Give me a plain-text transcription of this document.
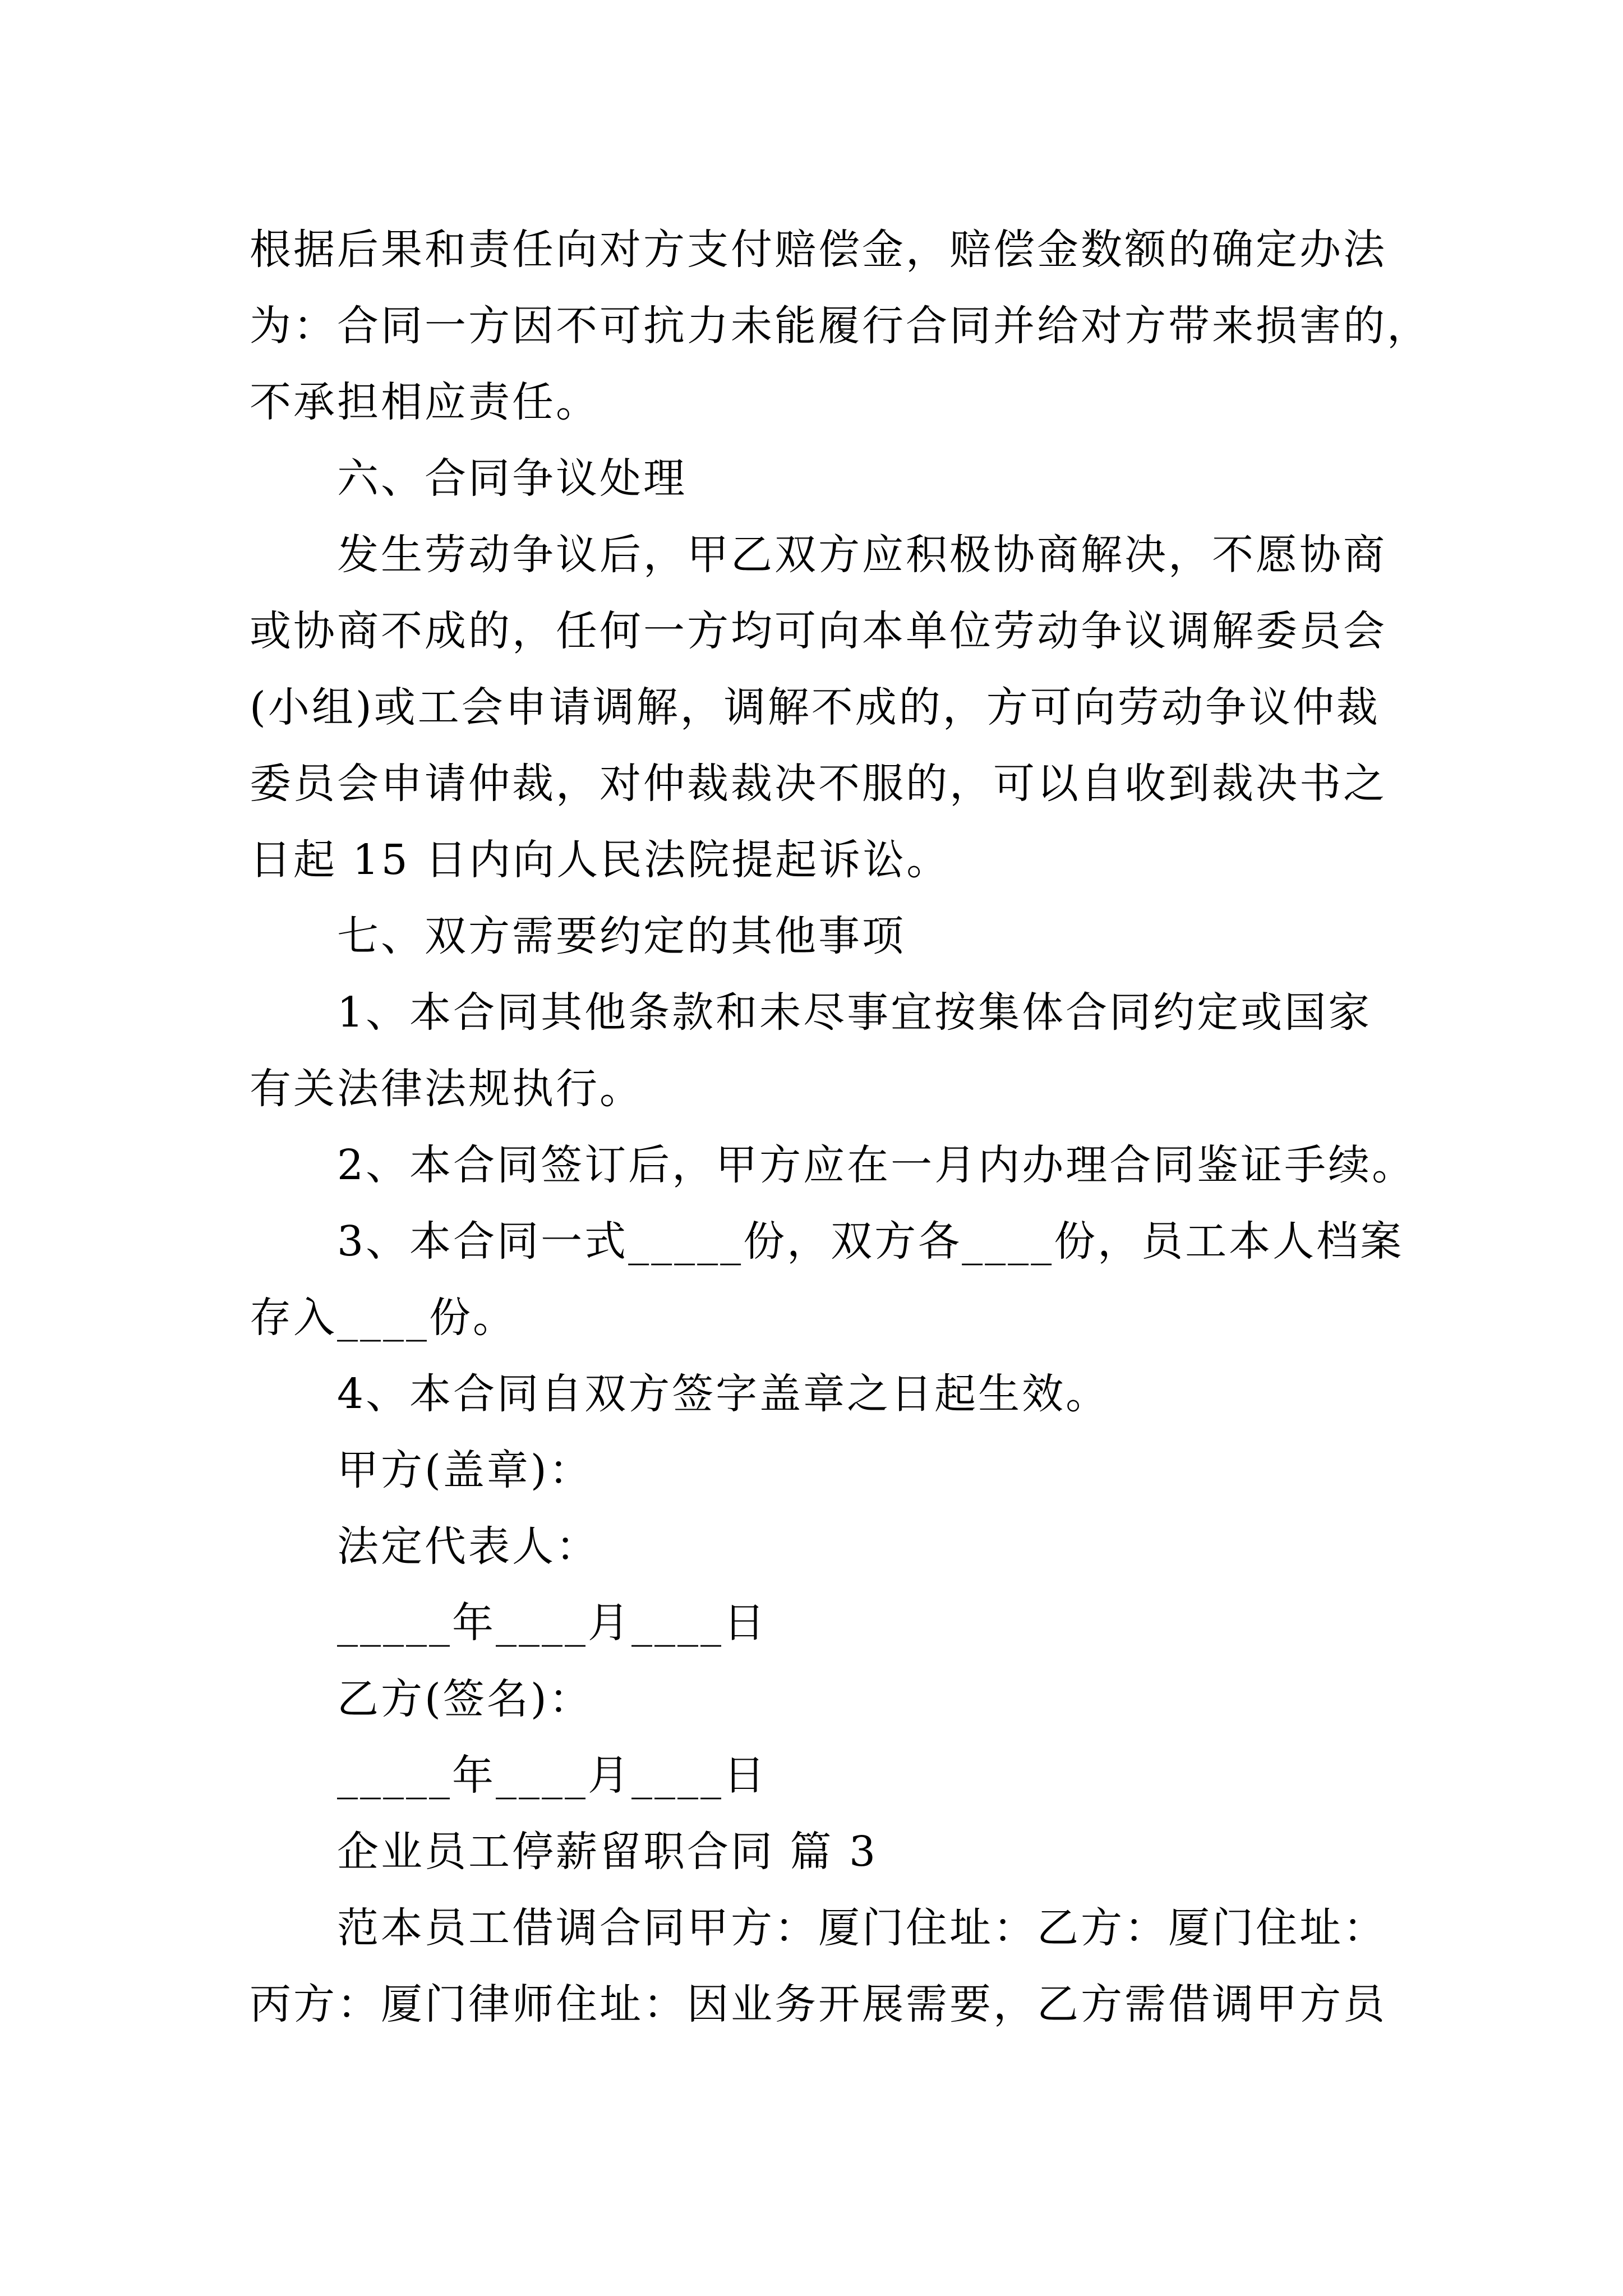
根据后果和责任向对方支付赔偿金，赔偿金数额的确定办法
为：合同一方因不可抗力未能履行合同并给对方带来损害的，
不承担相应责任。
六、合同争议处理
发生劳动争议后，甲乙双方应积极协商解决，不愿协商
或协商不成的，任何一方均可向本单位劳动争议调解委员会
(小组)或工会申请调解，调解不成的，方可向劳动争议仲裁
委员会申请仲裁，对仲裁裁决不服的，可以自收到裁决书之
日起 15 日内向人民法院提起诉讼。
七、双方需要约定的其他事项
1、本合同其他条款和未尽事宜按集体合同约定或国家
有关法律法规执行。
2、本合同签订后，甲方应在一月内办理合同鉴证手续。
3、本合同一式_____份，双方各____份，员工本人档案
存入____份。
4、本合同自双方签字盖章之日起生效。
甲方(盖章)：
法定代表人：
_____年____月____日
乙方(签名)：
_____年____月____日
企业员工停薪留职合同 篇 3
范本员工借调合同甲方：厦门住址：乙方：厦门住址：
丙方：厦门律师住址：因业务开展需要，乙方需借调甲方员
